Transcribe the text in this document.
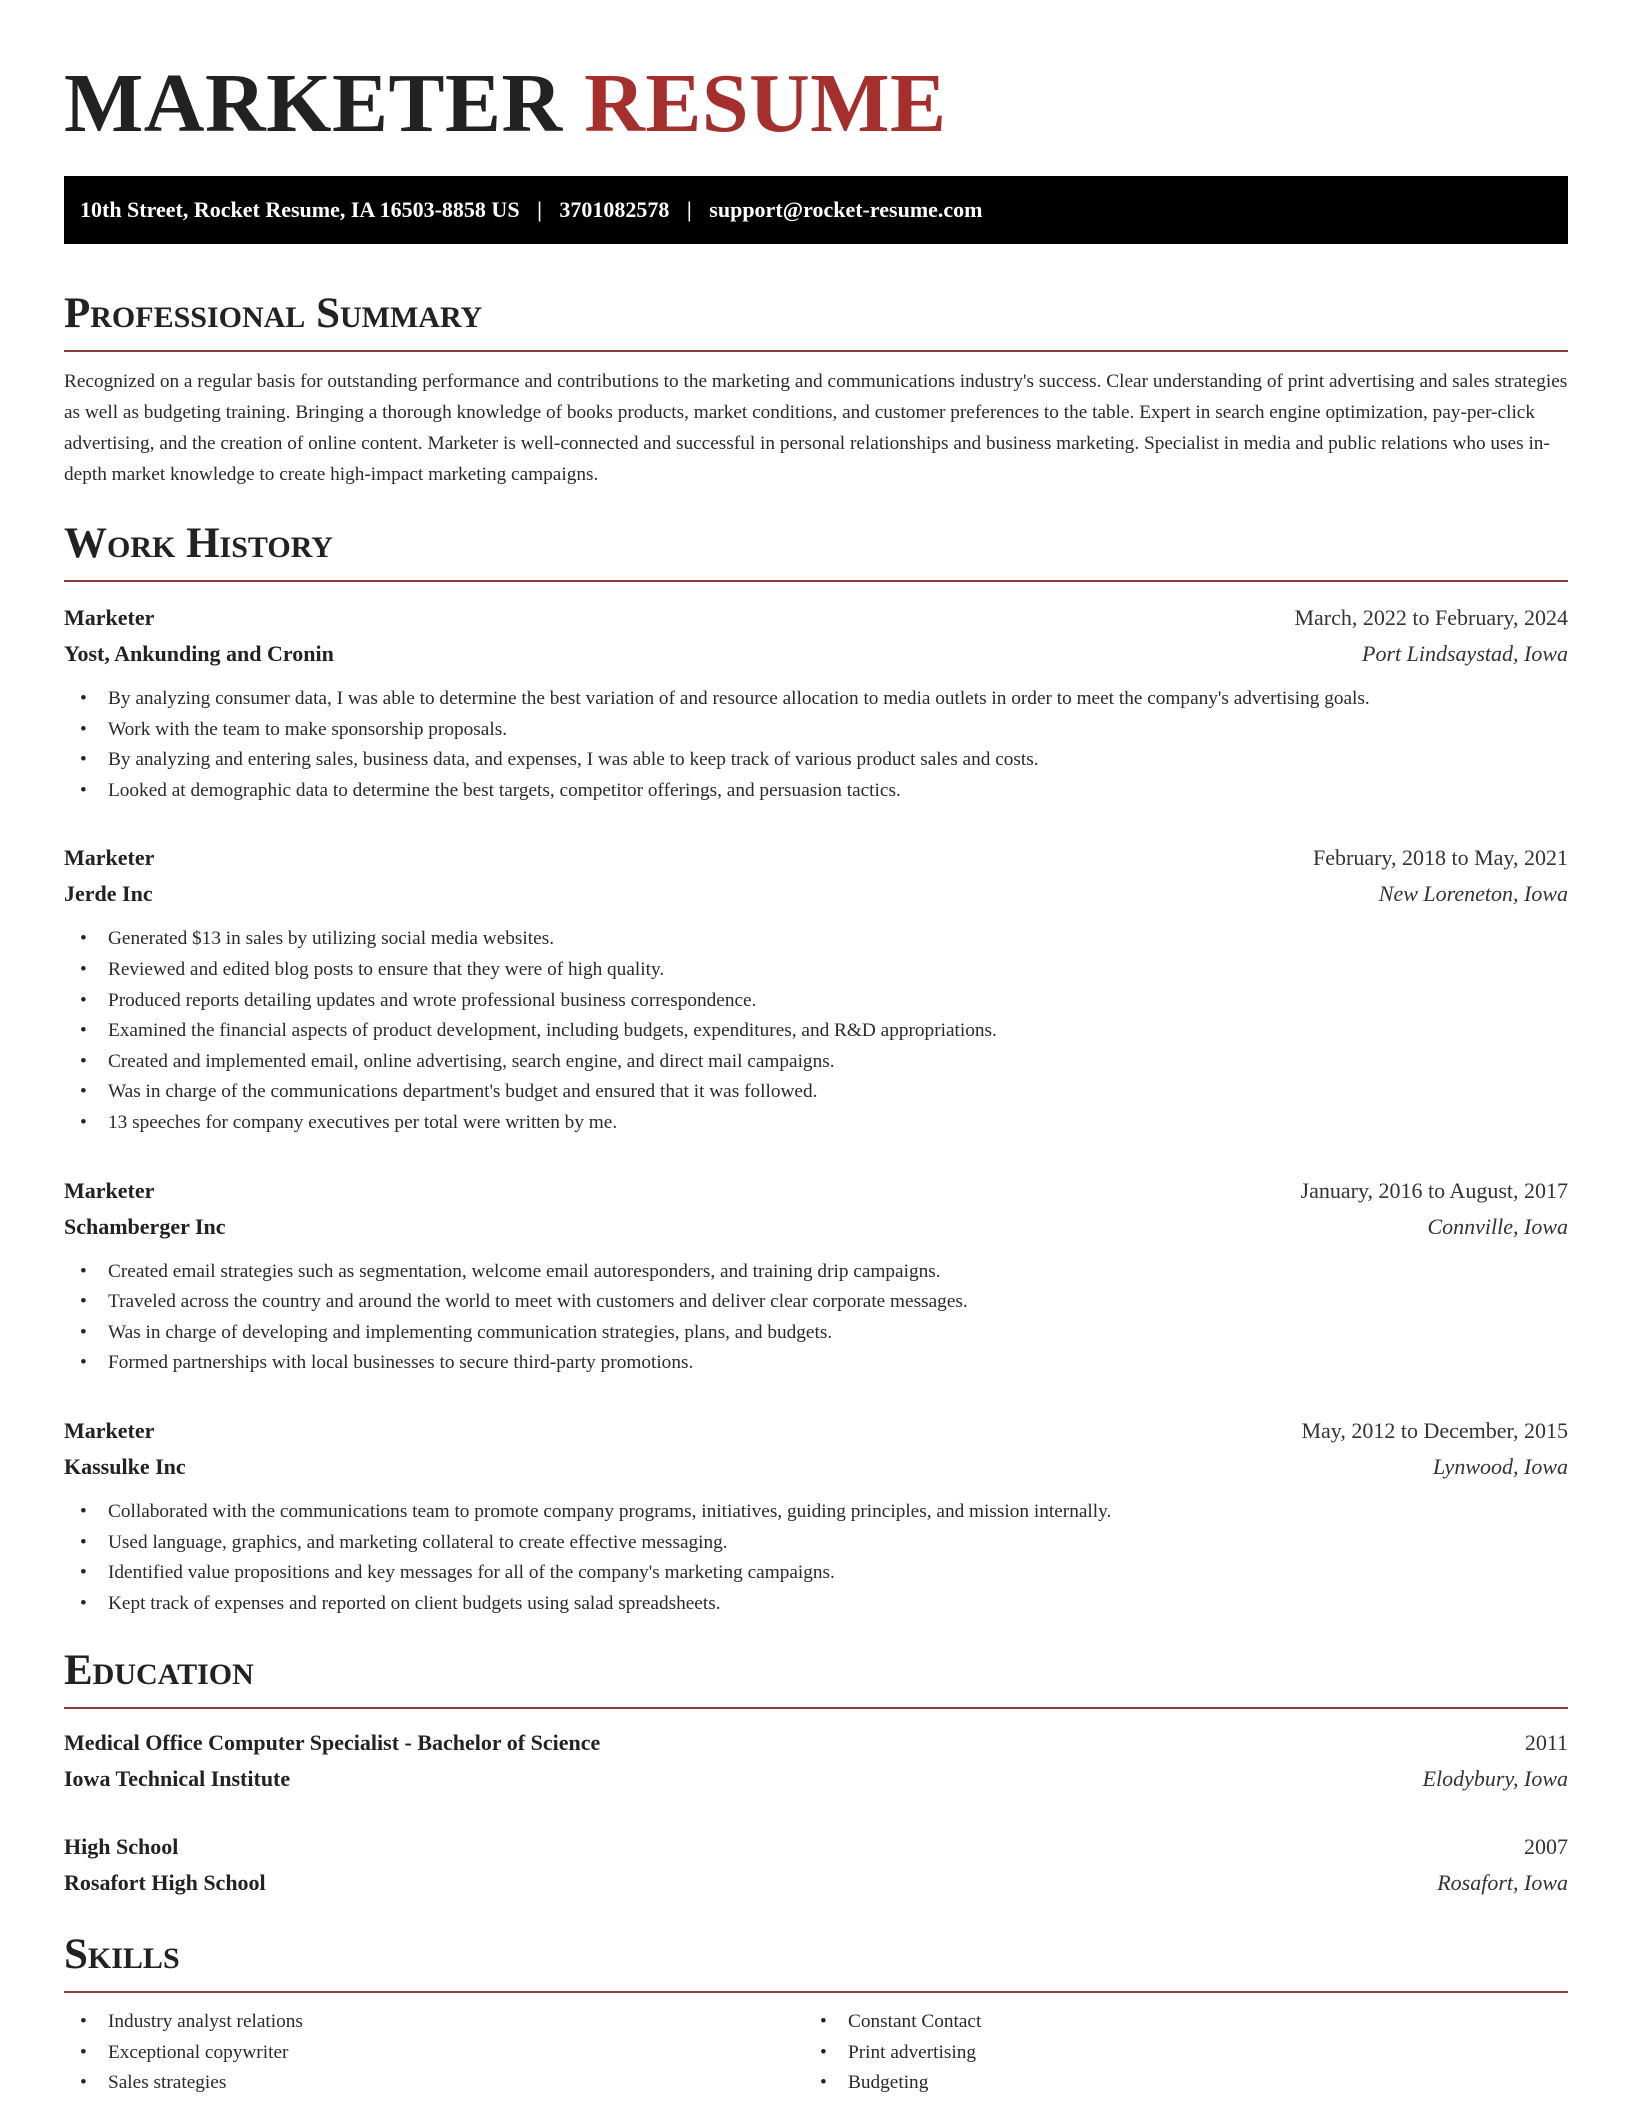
MARKETER RESUME
10th Street, Rocket Resume, IA 16503-8858 US | 3701082578 | support@rocket-resume.com
Professional Summary
Recognized on a regular basis for outstanding performance and contributions to the marketing and communications industry's success. Clear understanding of print advertising and sales strategies as well as budgeting training. Bringing a thorough knowledge of books products, market conditions, and customer preferences to the table. Expert in search engine optimization, pay-per-click advertising, and the creation of online content. Marketer is well-connected and successful in personal relationships and business marketing. Specialist in media and public relations who uses in-depth market knowledge to create high-impact marketing campaigns.
Work History
Marketer	March, 2022 to February, 2024
Yost, Ankunding and Cronin	Port Lindsaystad, Iowa
• By analyzing consumer data, I was able to determine the best variation of and resource allocation to media outlets in order to meet the company's advertising goals.
• Work with the team to make sponsorship proposals.
• By analyzing and entering sales, business data, and expenses, I was able to keep track of various product sales and costs.
• Looked at demographic data to determine the best targets, competitor offerings, and persuasion tactics.
Marketer	February, 2018 to May, 2021
Jerde Inc	New Loreneton, Iowa
• Generated $13 in sales by utilizing social media websites.
• Reviewed and edited blog posts to ensure that they were of high quality.
• Produced reports detailing updates and wrote professional business correspondence.
• Examined the financial aspects of product development, including budgets, expenditures, and R&D appropriations.
• Created and implemented email, online advertising, search engine, and direct mail campaigns.
• Was in charge of the communications department's budget and ensured that it was followed.
• 13 speeches for company executives per total were written by me.
Marketer	January, 2016 to August, 2017
Schamberger Inc	Connville, Iowa
• Created email strategies such as segmentation, welcome email autoresponders, and training drip campaigns.
• Traveled across the country and around the world to meet with customers and deliver clear corporate messages.
• Was in charge of developing and implementing communication strategies, plans, and budgets.
• Formed partnerships with local businesses to secure third-party promotions.
Marketer	May, 2012 to December, 2015
Kassulke Inc	Lynwood, Iowa
• Collaborated with the communications team to promote company programs, initiatives, guiding principles, and mission internally.
• Used language, graphics, and marketing collateral to create effective messaging.
• Identified value propositions and key messages for all of the company's marketing campaigns.
• Kept track of expenses and reported on client budgets using salad spreadsheets.
Education
Medical Office Computer Specialist - Bachelor of Science	2011
Iowa Technical Institute	Elodybury, Iowa
High School	2007
Rosafort High School	Rosafort, Iowa
Skills
• Industry analyst relations
• Exceptional copywriter
• Sales strategies
• Constant Contact
• Print advertising
• Budgeting
